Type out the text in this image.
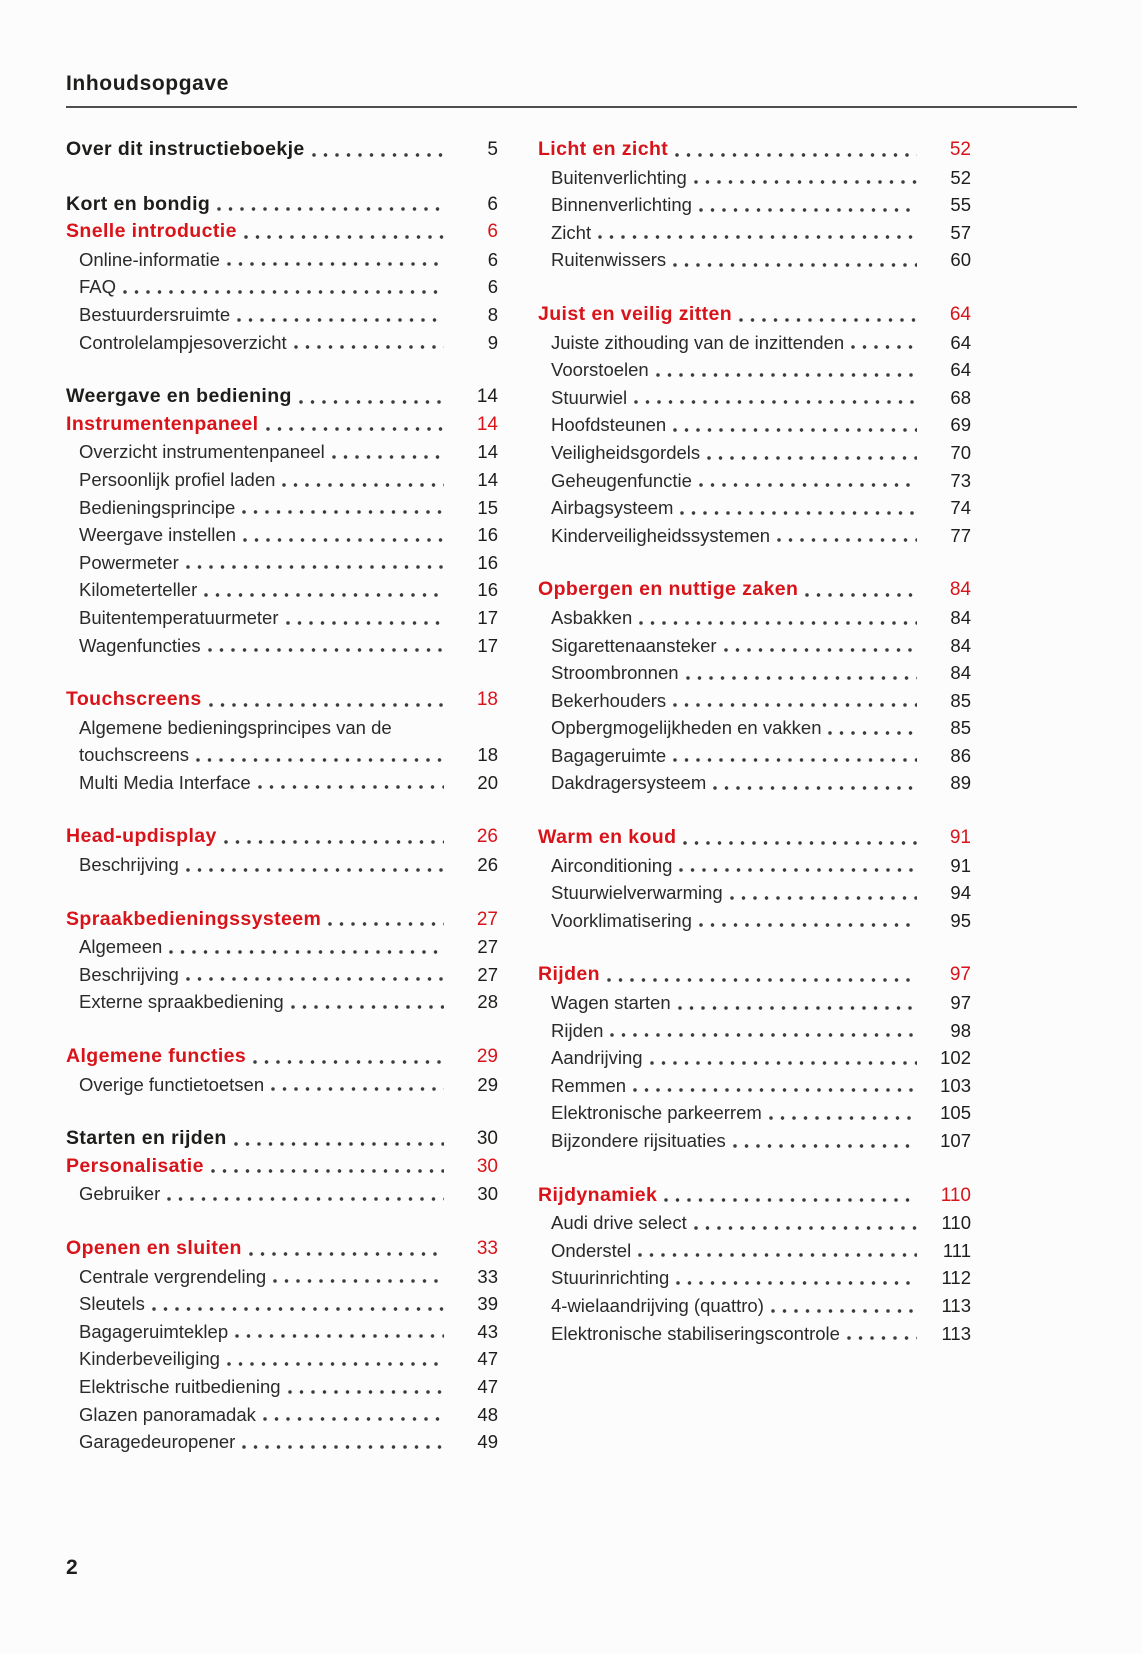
Inhoudsopgave
Over dit instructieboekje	5
Kort en bondig	6
Snelle introductie	6
Online-informatie	6
FAQ	6
Bestuurdersruimte	8
Controlelampjesoverzicht	9
Weergave en bediening	14
Instrumentenpaneel	14
Overzicht instrumentenpaneel	14
Persoonlijk profiel laden	14
Bedieningsprincipe	15
Weergave instellen	16
Powermeter	16
Kilometerteller	16
Buitentemperatuurmeter	17
Wagenfuncties	17
Touchscreens	18
Algemene bedieningsprincipes van de
touchscreens	18
Multi Media Interface	20
Head-updisplay	26
Beschrijving	26
Spraakbedieningssysteem	27
Algemeen	27
Beschrijving	27
Externe spraakbediening	28
Algemene functies	29
Overige functietoetsen	29
Starten en rijden	30
Personalisatie	30
Gebruiker	30
Openen en sluiten	33
Centrale vergrendeling	33
Sleutels	39
Bagageruimteklep	43
Kinderbeveiliging	47
Elektrische ruitbediening	47
Glazen panoramadak	48
Garagedeuropener	49
Licht en zicht	52
Buitenverlichting	52
Binnenverlichting	55
Zicht	57
Ruitenwissers	60
Juist en veilig zitten	64
Juiste zithouding van de inzittenden	64
Voorstoelen	64
Stuurwiel	68
Hoofdsteunen	69
Veiligheidsgordels	70
Geheugenfunctie	73
Airbagsysteem	74
Kinderveiligheidssystemen	77
Opbergen en nuttige zaken	84
Asbakken	84
Sigarettenaansteker	84
Stroombronnen	84
Bekerhouders	85
Opbergmogelijkheden en vakken	85
Bagageruimte	86
Dakdragersysteem	89
Warm en koud	91
Airconditioning	91
Stuurwielverwarming	94
Voorklimatisering	95
Rijden	97
Wagen starten	97
Rijden	98
Aandrijving	102
Remmen	103
Elektronische parkeerrem	105
Bijzondere rijsituaties	107
Rijdynamiek	110
Audi drive select	110
Onderstel	111
Stuurinrichting	112
4-wielaandrijving (quattro)	113
Elektronische stabiliseringscontrole	113
2
